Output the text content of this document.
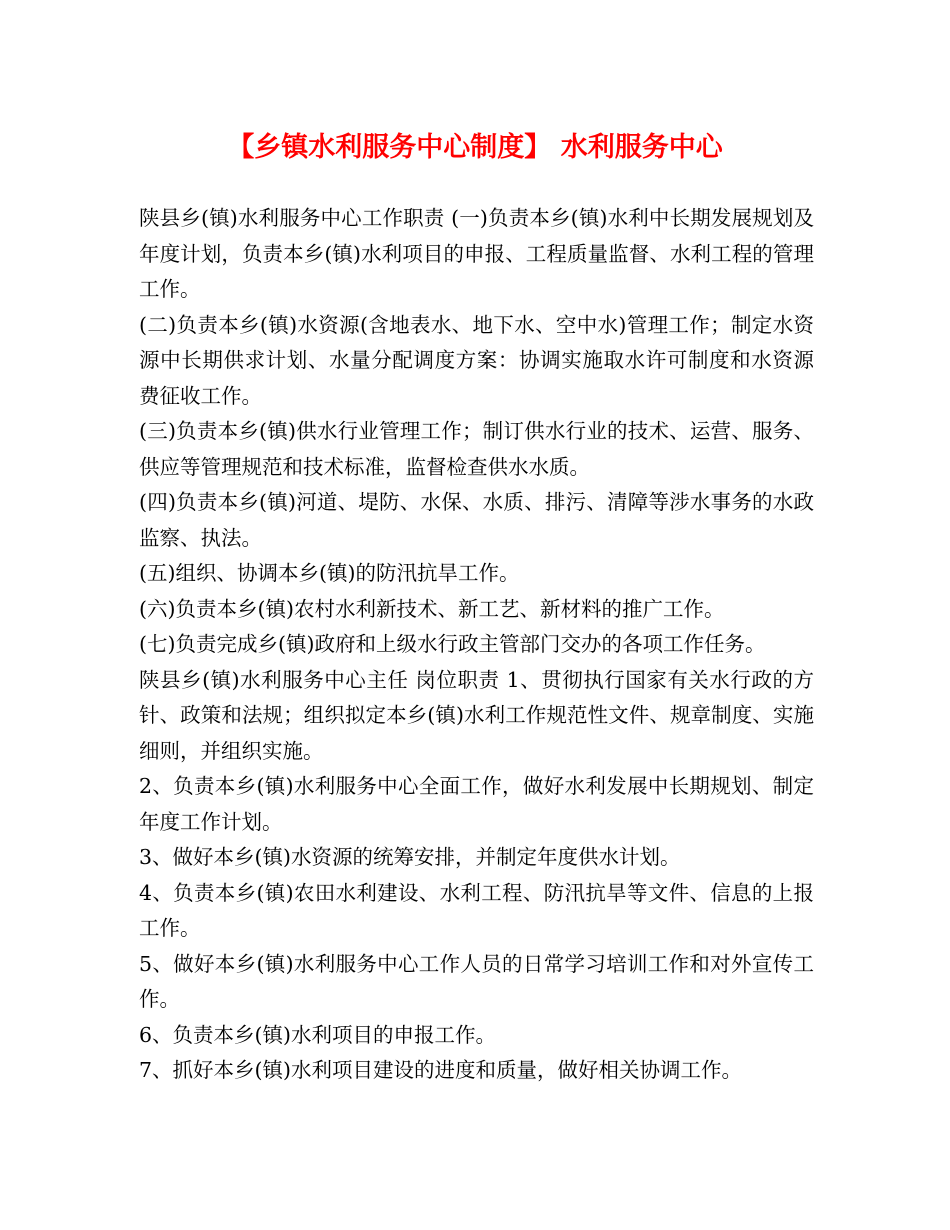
【乡镇水利服务中心制度】 水利服务中心

陕县乡(镇)水利服务中心工作职责 (一)负责本乡(镇)水利中长期发展规划及年度计划，负责本乡(镇)水利项目的申报、工程质量监督、水利工程的管理工作。

(二)负责本乡(镇)水资源(含地表水、地下水、空中水)管理工作；制定水资源中长期供求计划、水量分配调度方案：协调实施取水许可制度和水资源费征收工作。

(三)负责本乡(镇)供水行业管理工作；制订供水行业的技术、运营、服务、供应等管理规范和技术标准，监督检查供水水质。

(四)负责本乡(镇)河道、堤防、水保、水质、排污、清障等涉水事务的水政监察、执法。

(五)组织、协调本乡(镇)的防汛抗旱工作。

(六)负责本乡(镇)农村水利新技术、新工艺、新材料的推广工作。

(七)负责完成乡(镇)政府和上级水行政主管部门交办的各项工作任务。

陕县乡(镇)水利服务中心主任 岗位职责 1、贯彻执行国家有关水行政的方针、政策和法规；组织拟定本乡(镇)水利工作规范性文件、规章制度、实施细则，并组织实施。

2、负责本乡(镇)水利服务中心全面工作，做好水利发展中长期规划、制定年度工作计划。

3、做好本乡(镇)水资源的统筹安排，并制定年度供水计划。

4、负责本乡(镇)农田水利建设、水利工程、防汛抗旱等文件、信息的上报工作。

5、做好本乡(镇)水利服务中心工作人员的日常学习培训工作和对外宣传工作。

6、负责本乡(镇)水利项目的申报工作。

7、抓好本乡(镇)水利项目建设的进度和质量，做好相关协调工作。
